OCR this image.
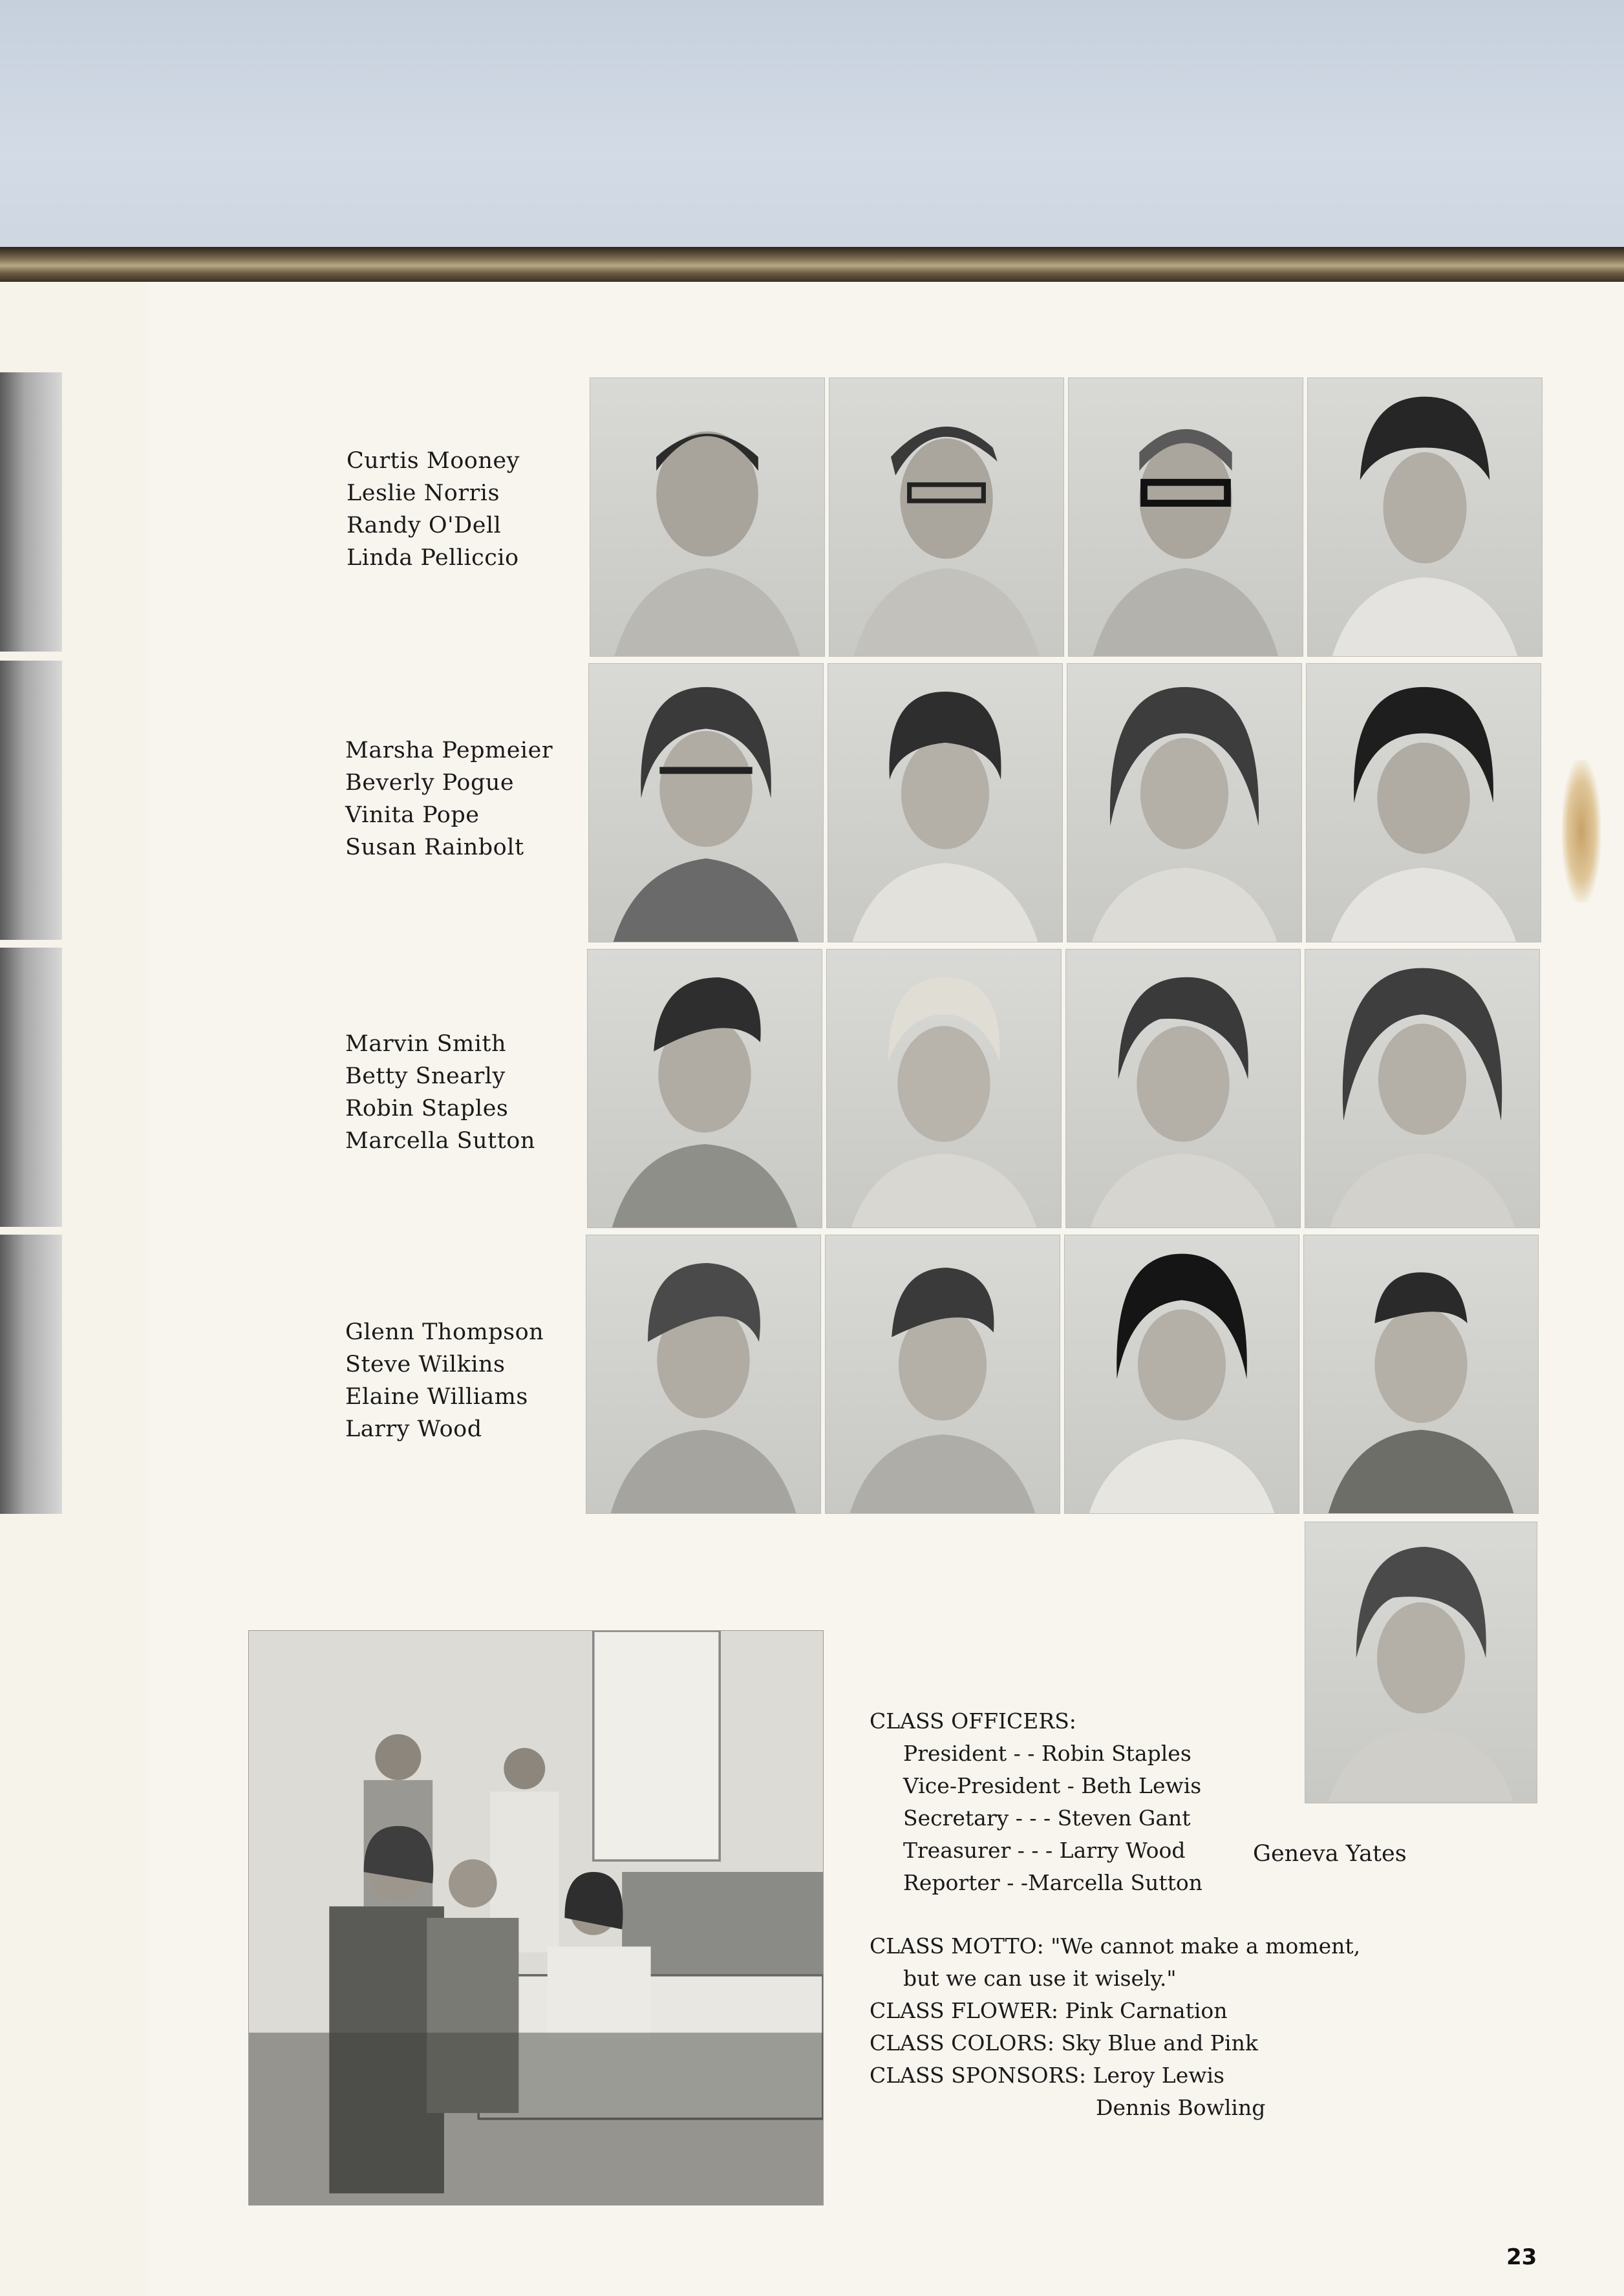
Curtis Mooney
Leslie Norris
Randy O'Dell
Linda Pelliccio
Marsha Pepmeier
Beverly Pogue
Vinita Pope
Susan Rainbolt
Marvin Smith
Betty Snearly
Robin Staples
Marcella Sutton
Glenn Thompson
Steve Wilkins
Elaine Williams
Larry Wood
Geneva Yates
CLASS OFFICERS:
President - - Robin Staples
Vice-President - Beth Lewis
Secretary - - - Steven Gant
Treasurer - - - Larry Wood
Reporter - -Marcella Sutton
CLASS MOTTO: "We cannot make a moment,
but we can use it wisely."
CLASS FLOWER: Pink Carnation
CLASS COLORS: Sky Blue and Pink
CLASS SPONSORS: Leroy Lewis
Dennis Bowling
23
